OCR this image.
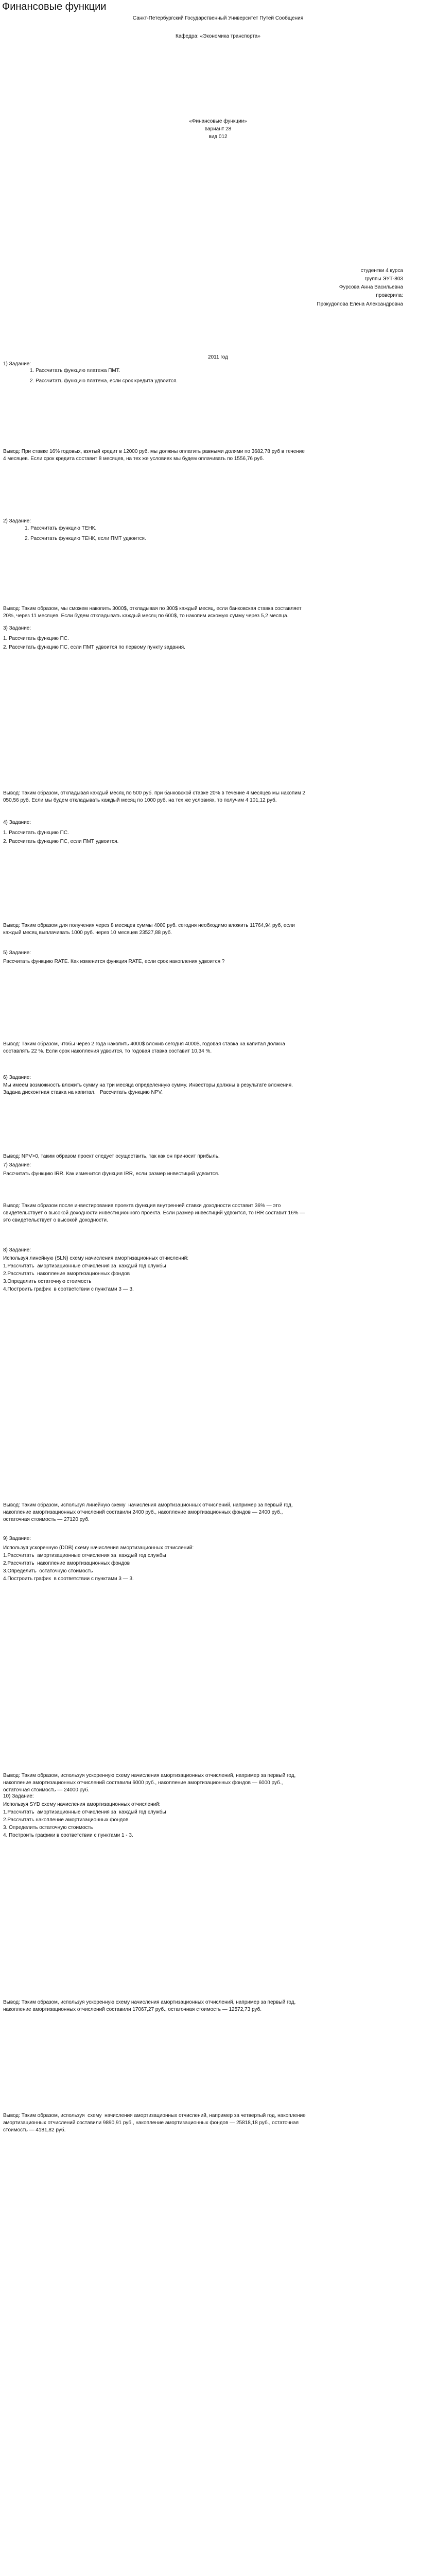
Финансовые функции
Санкт-Петербургский Государственный Университет Путей Сообщения
Кафедра: «Экономика транспорта»
«Финансовые функции»
вариант 28
вид 012
студентки 4 курса
группы ЭУТ-803
Фурсова Анна Васильевна
проверила:
Прокудолова Елена Александровна
2011 год
1) Задание:
1. Рассчитать функцию платежа ПМТ.
2. Рассчитать функцию платежа, если срок кредита удвоится.
Вывод: При ставке 16% годовых, взятый кредит в 12000 руб. мы должны оплатить равными долями по 3682,78 руб в течение 4 месяцев. Если срок кредита составит 8 месяцев, на тех же условиях мы будем оплачивать по 1556,76 руб.
2) Задание:
1. Рассчитать функцию ТЕНК.
2. Рассчитать функцию ТЕНК, если ПМТ удвоится.
Вывод: Таким образом, мы сможем накопить 3000$, откладывая по 300$ каждый месяц, если банковская ставка составляет 20%, через 11 месяцев. Если будем откладывать каждый месяц по 600$, то накопим искомую сумму через 5,2 месяца.
3) Задание:
1. Рассчитать функцию ПС.
2. Рассчитать функцию ПС, если ПМТ удвоится по первому пункту задания.
Вывод: Таким образом, откладывая каждый месяц по 500 руб. при банковской ставке 20% в течение 4 месяцев мы накопим 2 050,56 руб. Если мы будем откладывать каждый месяц по 1000 руб. на тех же условиях, то получим 4 101,12 руб.
4) Задание:
1. Рассчитать функцию ПС.
2. Рассчитать функцию ПС, если ПМТ удвоится.
Вывод: Таким образом для получения через 8 месяцев суммы 4000 руб. сегодня необходимо вложить 11764,94 руб, если каждый месяц выплачивать 1000 руб. через 10 месяцев 23527,88 руб.
5) Задание:
Рассчитать функцию RATE. Как изменится функция RATE, если срок накопления удвоится ?
Вывод: Таким образом, чтобы через 2 года накопить 4000$ вложив сегодня 4000$, годовая ставка на капитал должна составлять 22 %. Если срок накопления удвоится, то годовая ставка составит 10,34 %.
6) Задание:
Мы имеем возможность вложить сумму на три месяца определенную сумму. Инвесторы должны в результате вложения. Задана дисконтная ставка на капитал.   Рассчитать функцию NPV.
Вывод: NPV>0, таким образом проект следует осуществить, так как он приносит прибыль.
7) Задание:
Рассчитать функцию IRR. Как изменится функция IRR, если размер инвестиций удвоится.
Вывод: Таким образом после инвестирования проекта функция внутренней ставки доходности составит 36% — это свидетельствует о высокой доходности инвестиционного проекта. Если размер инвестиций удвоится, то IRR составит 16% — это свидетельствует о высокой доходности.
8) Задание:
Используя линейную (SLN) схему начисления амортизационных отчислений:
1.Рассчитать  амортизационные отчисления за  каждый год службы
2.Рассчитать  накопление амортизационных фондов
3.Определить остаточную стоимость
4.Построить график  в соответствии с пунктами 3 — 3.
Вывод: Таким образом, используя линейную схему  начисления амортизационных отчислений, например за первый год, накопление амортизационных отчислений составили 2400 руб., накопление амортизационных фондов — 2400 руб., остаточная стоимость — 27120 руб.
9) Задание:
Используя ускоренную (DDB) схему начисления амортизационных отчислений:
1.Рассчитать  амортизационные отчисления за  каждый год службы
2.Рассчитать  накопление амортизационных фондов
3.Определить  остаточную стоимость
4.Построить график  в соответствии с пунктами 3 — 3.
Вывод: Таким образом, используя ускоренную схему начисления амортизационных отчислений, например за первый год, накопление амортизационных отчислений составили 6000 руб., накопление амортизационных фондов — 6000 руб., остаточная стоимость — 24000 руб.
10) Задание:
Используя SYD схему начисления амортизационных отчислений:
1.Рассчитать  амортизационные отчисления за  каждый год службы
2.Рассчитать накопление амортизационных фондов
3. Определить остаточную стоимость
4. Построить графики в соответствии с пунктами 1 - 3.
Вывод: Таким образом, используя ускоренную схему начисления амортизационных отчислений, например за первый год, накопление амортизационных отчислений составили 17067,27 руб., остаточная стоимость — 12572,73 руб.
Вывод: Таким образом, используя  схему  начисления амортизационных отчислений, например за четвертый год, накопление амортизационных отчислений составили 9890,91 руб., накопление амортизационных фондов — 25818,18 руб., остаточная стоимость — 4181,82 руб.
